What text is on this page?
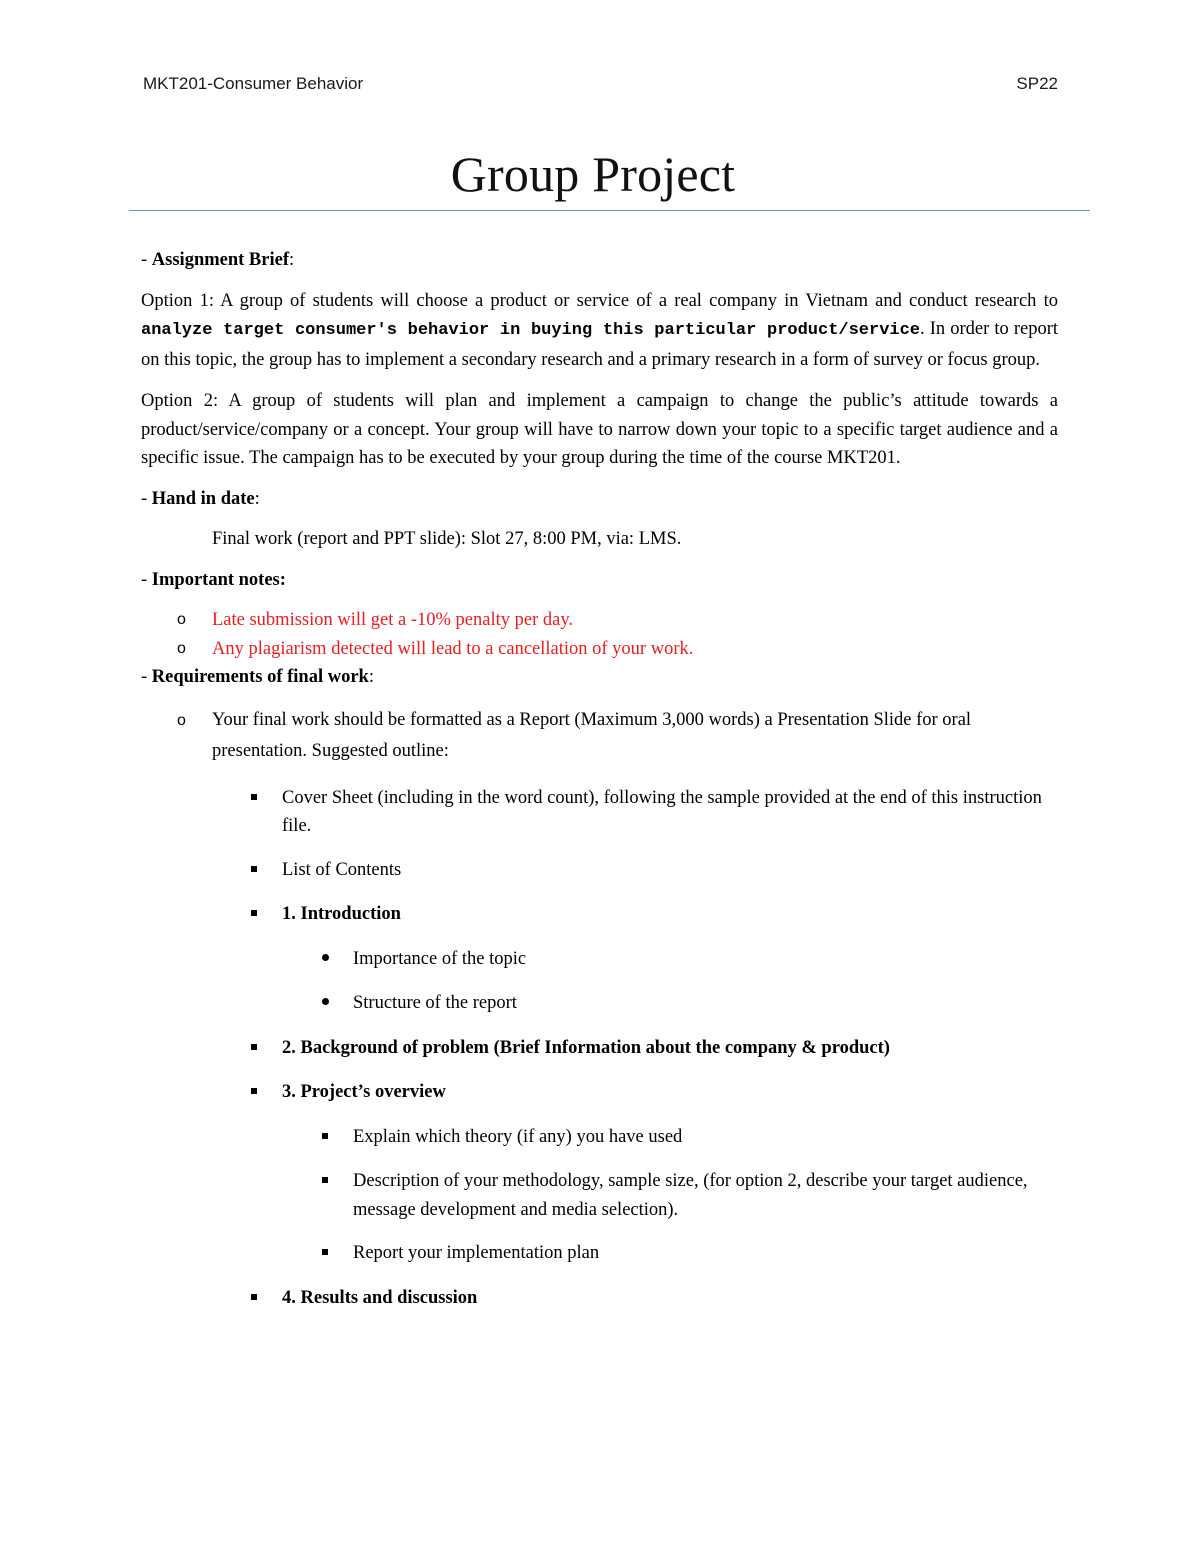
MKT201-Consumer Behavior	SP22
Group Project

- Assignment Brief:

Option 1: A group of students will choose a product or service of a real company in Vietnam and conduct research to analyze target consumer's behavior in buying this particular product/service. In order to report on this topic, the group has to implement a secondary research and a primary research in a form of survey or focus group.

Option 2: A group of students will plan and implement a campaign to change the public’s attitude towards a product/service/company or a concept. Your group will have to narrow down your topic to a specific target audience and a specific issue. The campaign has to be executed by your group during the time of the course MKT201.

- Hand in date:

Final work (report and PPT slide): Slot 27, 8:00 PM, via: LMS.

- Important notes:

o	Late submission will get a -10% penalty per day.
o	Any plagiarism detected will lead to a cancellation of your work.

- Requirements of final work:

o	Your final work should be formatted as a Report (Maximum 3,000 words) a Presentation Slide for oral presentation. Suggested outline:
Cover Sheet (including in the word count), following the sample provided at the end of this instruction file.
List of Contents
1. Introduction
Importance of the topic
Structure of the report
2. Background of problem (Brief Information about the company & product)
3. Project’s overview
Explain which theory (if any) you have used
Description of your methodology, sample size, (for option 2, describe your target audience, message development and media selection).
Report your implementation plan
4. Results and discussion
